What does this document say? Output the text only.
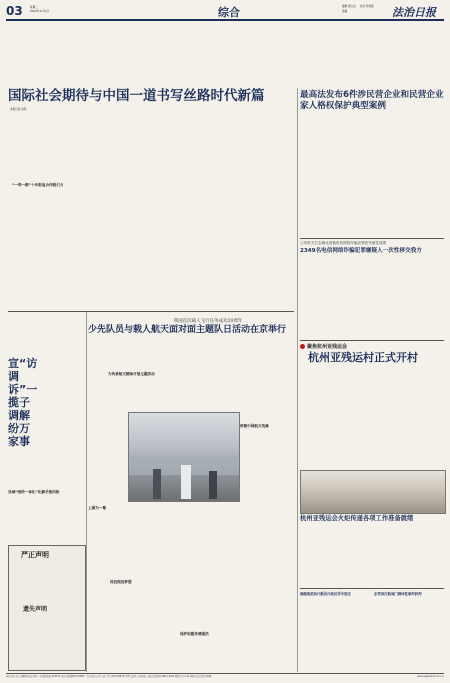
03	星期二
2022年11月1日	综合	编辑 唐立东 校对 原鸿建
美编	法治日报
国际社会期待与中国一道书写丝路时代新篇
本报记者 赵阳
“一带一路”十年彰显合作吸引力
宣“访调诉”一揽子调解纷万家事
县城“两所一体化”化解矛盾纠纷
严正声明
遗失声明
我国首次载人飞行任务成功20周年
少先队员与载人航天面对面主题队日活动在京举行
上图为一幕
为传承航天精神开展主题活动
致敬中国航天英雄
科技照亮梦想
保护和服务增强活
最高法发布6件涉民营企业和民营企业家人格权保护典型案例
公安机关打击缅北涉我电信网络诈骗犯罪获突破性战果
2349名电信网络诈骗犯罪嫌疑人一次性移交我方
聚焦杭州亚残运会
杭州亚残运村正式开村
杭州亚残运会火炬传递各项工作准备就绪
珈伽取消执行新民行政处罚令规定	东莞再打新闻门群体性事件研判
本社社址:北京市朝阳区花家地甲一号 邮政编码:100102 电话:编辑部84772888 广告许可证:京西工商广登字20170084号 零售:每份1元 国内统一连续出版物号:CN11-0069 邮发代号:1-40 印刷:法治日报社印刷厂	www.legaldaily.com.cn
